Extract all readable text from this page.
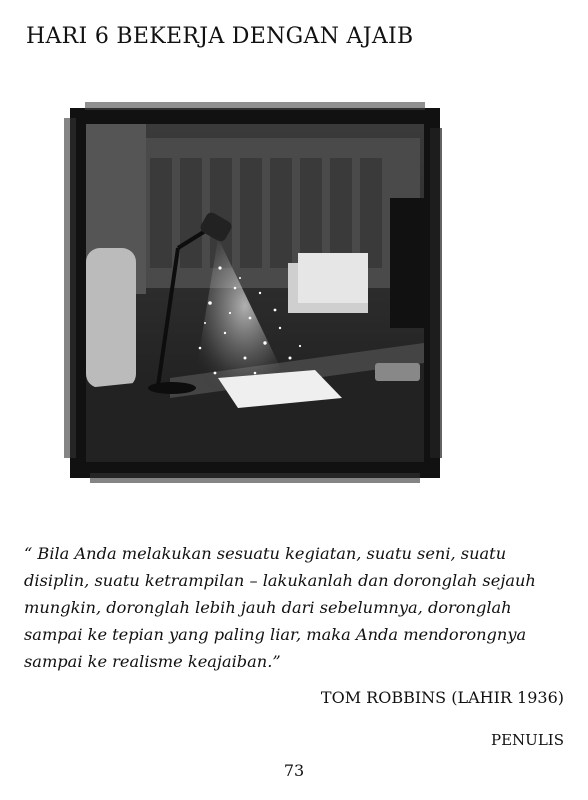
HARI 6 BEKERJA DENGAN AJAIB
“ Bila Anda melakukan sesuatu kegiatan, suatu seni, suatu disiplin, suatu ketrampilan – lakukanlah dan doronglah sejauh mungkin, doronglah lebih jauh dari sebelumnya, doronglah sampai ke tepian yang paling liar, maka Anda mendorongnya sampai ke realisme keajaiban.”
TOM ROBBINS (LAHIR 1936)
PENULIS
73
